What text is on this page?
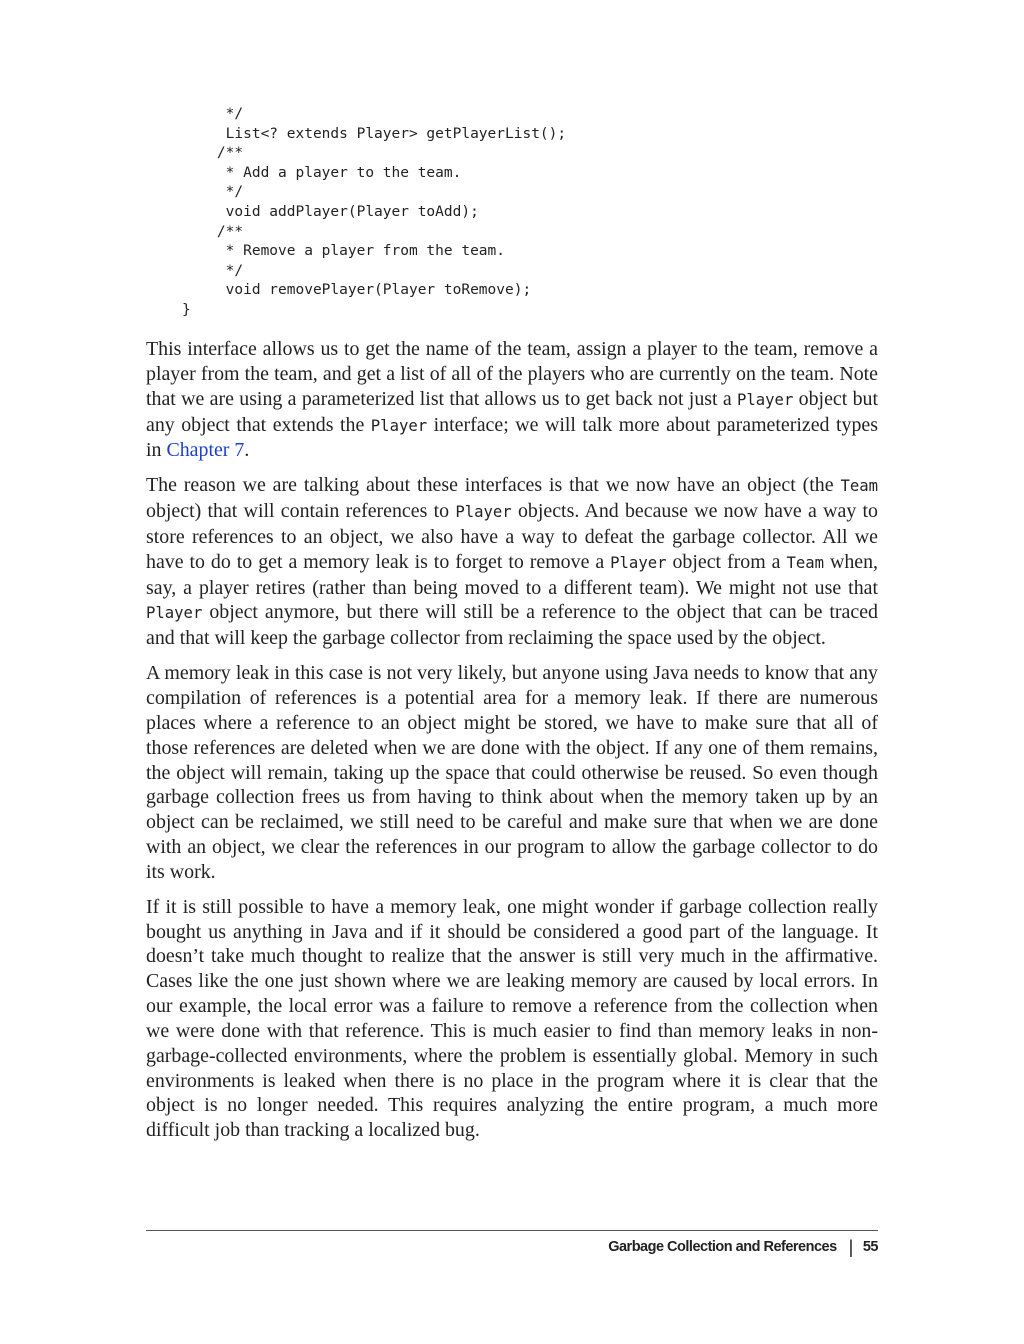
*/
List<? extends Player> getPlayerList();
/**
* Add a player to the team.
*/
void addPlayer(Player toAdd);
/**
* Remove a player from the team.
*/
void removePlayer(Player toRemove);
}

This interface allows us to get the name of the team, assign a player to the team, remove a player from the team, and get a list of all of the players who are currently on the team. Note that we are using a parameterized list that allows us to get back not just a Player object but any object that extends the Player interface; we will talk more about parameterized types in Chapter 7.

The reason we are talking about these interfaces is that we now have an object (the Team object) that will contain references to Player objects. And because we now have a way to store references to an object, we also have a way to defeat the garbage collector. All we have to do to get a memory leak is to forget to remove a Player object from a Team when, say, a player retires (rather than being moved to a different team). We might not use that Player object anymore, but there will still be a reference to the object that can be traced and that will keep the garbage collector from reclaiming the space used by the object.

A memory leak in this case is not very likely, but anyone using Java needs to know that any compilation of references is a potential area for a memory leak. If there are numerous places where a reference to an object might be stored, we have to make sure that all of those references are deleted when we are done with the object. If any one of them remains, the object will remain, taking up the space that could otherwise be reused. So even though garbage collection frees us from having to think about when the memory taken up by an object can be reclaimed, we still need to be careful and make sure that when we are done with an object, we clear the references in our program to allow the garbage collector to do its work.

If it is still possible to have a memory leak, one might wonder if garbage collection really bought us anything in Java and if it should be considered a good part of the language. It doesn’t take much thought to realize that the answer is still very much in the affirmative. Cases like the one just shown where we are leaking memory are caused by local errors. In our example, the local error was a failure to remove a reference from the collection when we were done with that reference. This is much easier to find than memory leaks in non-garbage-collected environments, where the problem is essentially global. Memory in such environments is leaked when there is no place in the program where it is clear that the object is no longer needed. This requires analyzing the entire program, a much more difficult job than tracking a localized bug.

Garbage Collection and References | 55
